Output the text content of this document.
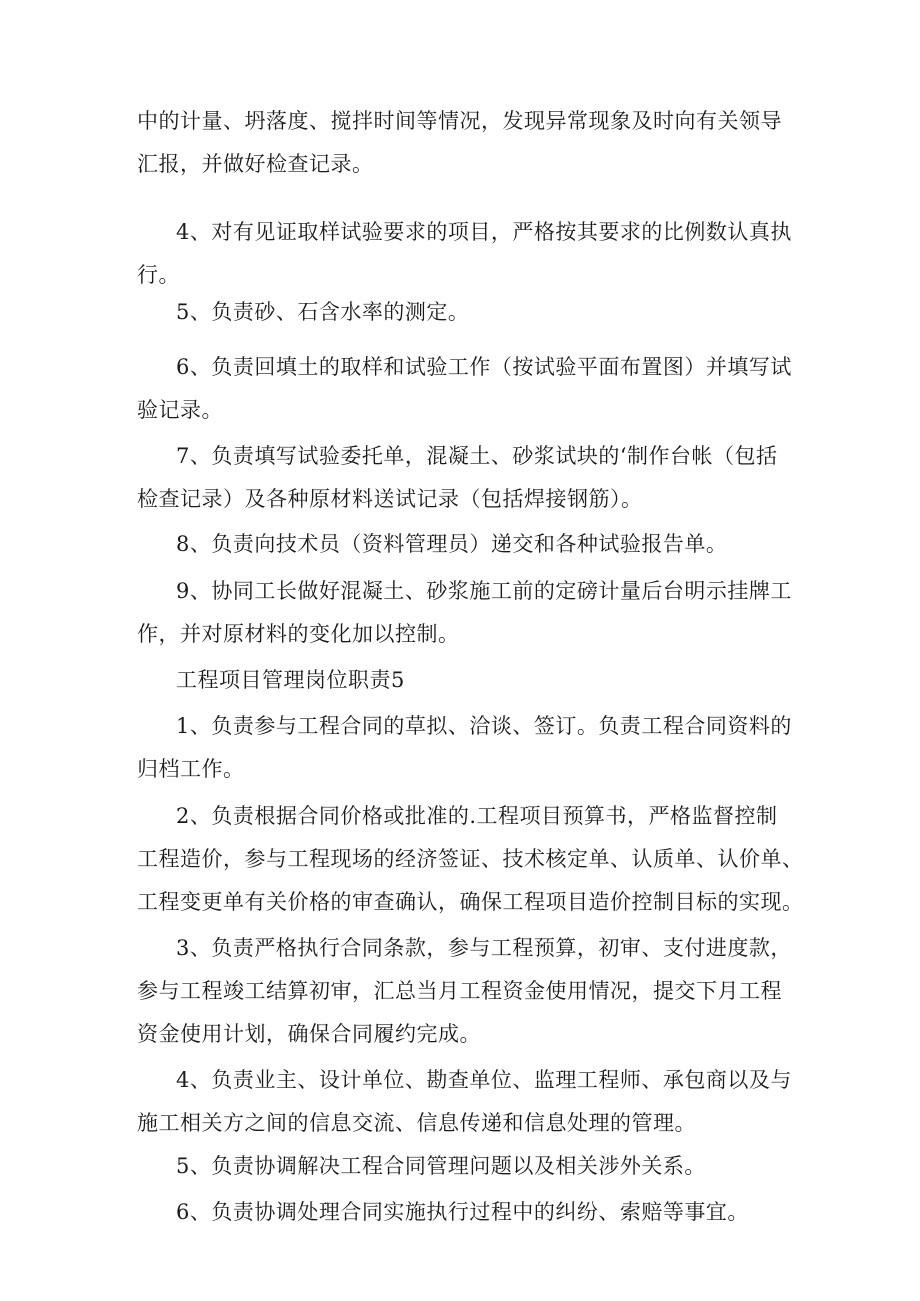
中的计量、坍落度、搅拌时间等情况，发现异常现象及时向有关领导

汇报，并做好检查记录。

4、对有见证取样试验要求的项目，严格按其要求的比例数认真执

行。

5、负责砂、石含水率的测定。

6、负责回填土的取样和试验工作（按试验平面布置图）并填写试

验记录。

7、负责填写试验委托单，混凝土、砂浆试块的‘制作台帐（包括

检查记录）及各种原材料送试记录（包括焊接钢筋）。

8、负责向技术员（资料管理员）递交和各种试验报告单。

9、协同工长做好混凝土、砂浆施工前的定磅计量后台明示挂牌工

作，并对原材料的变化加以控制。

工程项目管理岗位职责5

1、负责参与工程合同的草拟、洽谈、签订。负责工程合同资料的

归档工作。

2、负责根据合同价格或批准的.工程项目预算书，严格监督控制

工程造价，参与工程现场的经济签证、技术核定单、认质单、认价单、

工程变更单有关价格的审查确认，确保工程项目造价控制目标的实现。

3、负责严格执行合同条款，参与工程预算，初审、支付进度款，

参与工程竣工结算初审，汇总当月工程资金使用情况，提交下月工程

资金使用计划，确保合同履约完成。

4、负责业主、设计单位、勘查单位、监理工程师、承包商以及与

施工相关方之间的信息交流、信息传递和信息处理的管理。

5、负责协调解决工程合同管理问题以及相关涉外关系。

6、负责协调处理合同实施执行过程中的纠纷、索赔等事宜。
